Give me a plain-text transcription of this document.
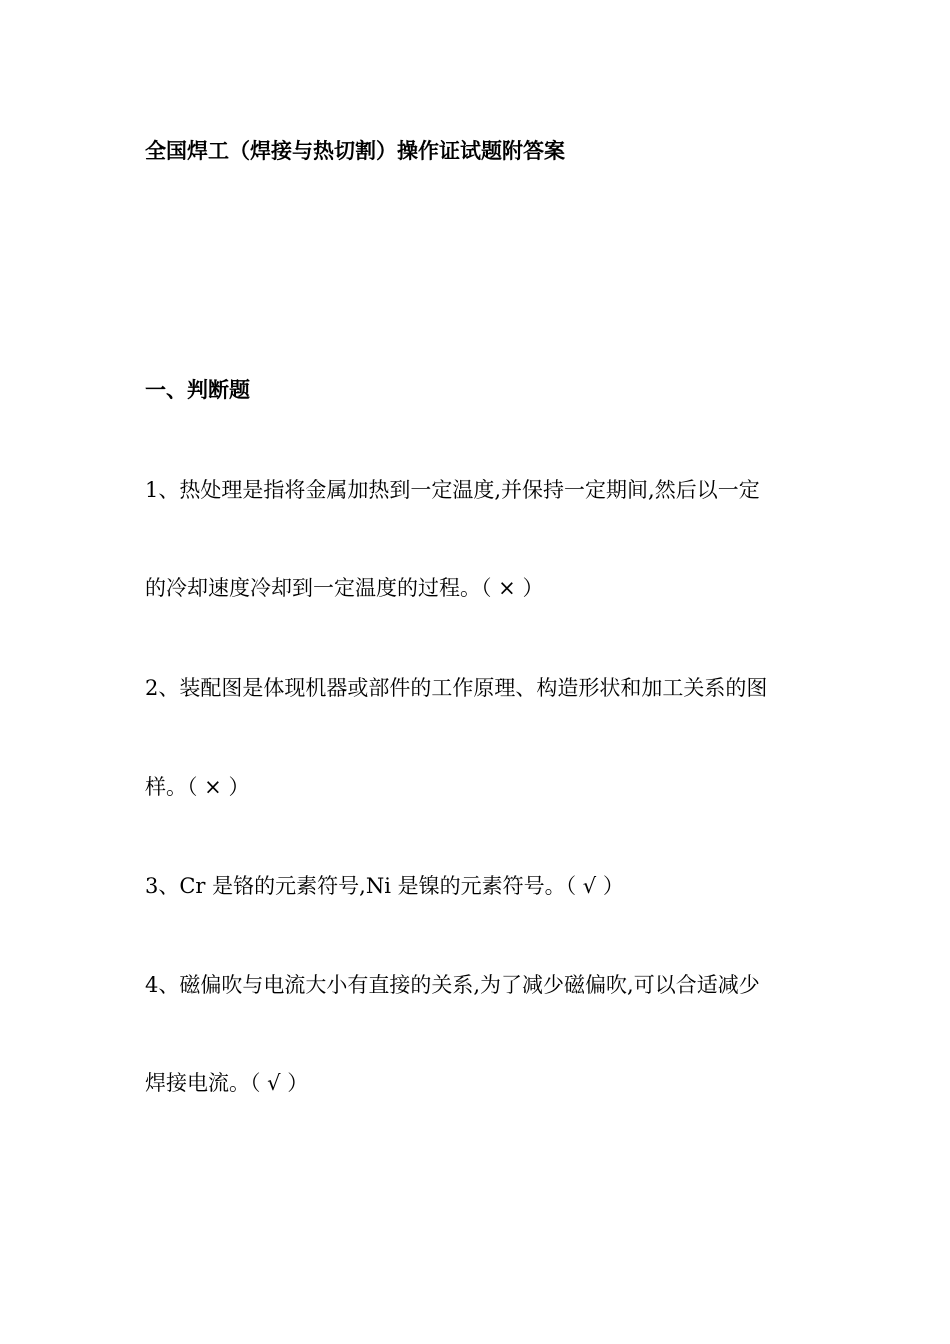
全国焊工（焊接与热切割）操作证试题附答案
一、判断题
1、热处理是指将金属加热到一定温度,并保持一定期间,然后以一定
的冷却速度冷却到一定温度的过程。（ × ）
2、装配图是体现机器或部件的工作原理、构造形状和加工关系的图
样。（ × ）
3、Cr 是铬的元素符号,Ni 是镍的元素符号。（ √ ）
4、磁偏吹与电流大小有直接的关系,为了减少磁偏吹,可以合适减少
焊接电流。（ √ ）
